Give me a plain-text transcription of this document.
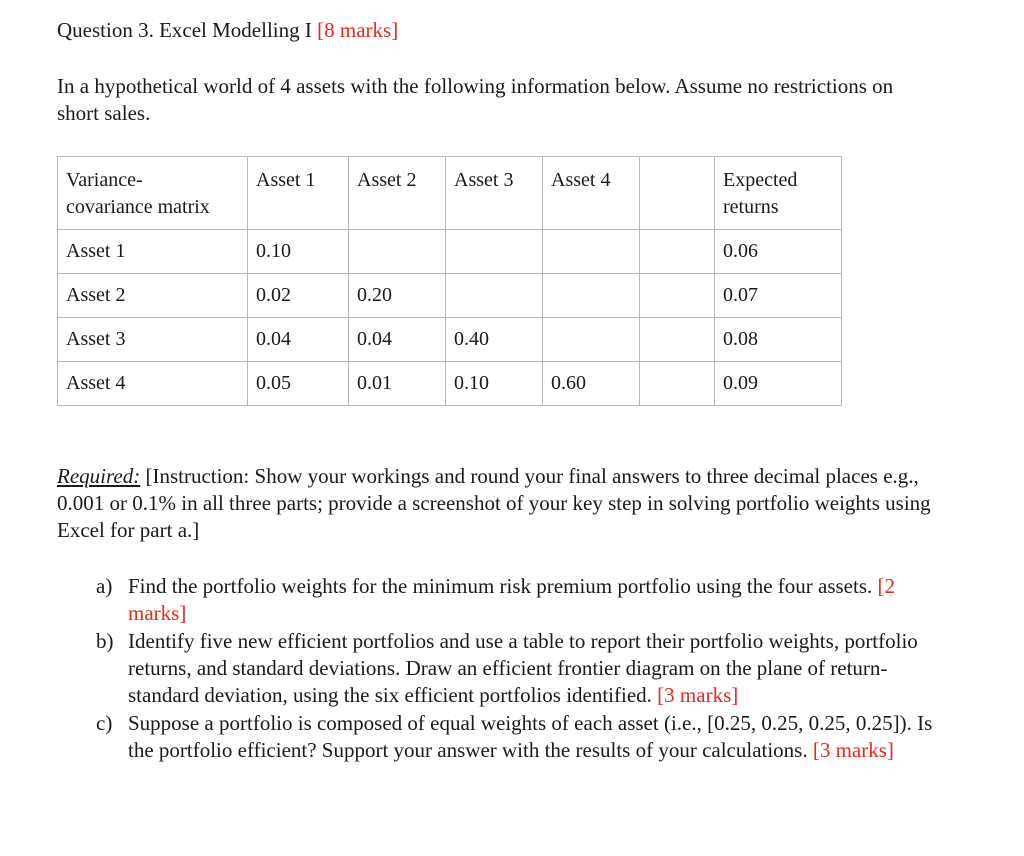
Question 3. Excel Modelling I [8 marks]
In a hypothetical world of 4 assets with the following information below. Assume no restrictions on short sales.
Variance-
covariance matrix	Asset 1	Asset 2	Asset 3	Asset 4		Expected
returns
Asset 1	0.10					0.06
Asset 2	0.02	0.20				0.07
Asset 3	0.04	0.04	0.40			0.08
Asset 4	0.05	0.01	0.10	0.60		0.09
Required: [Instruction: Show your workings and round your final answers to three decimal places e.g., 0.001 or 0.1% in all three parts; provide a screenshot of your key step in solving portfolio weights using Excel for part a.]
a) Find the portfolio weights for the minimum risk premium portfolio using the four assets. [2 marks]
b) Identify five new efficient portfolios and use a table to report their portfolio weights, portfolio returns, and standard deviations. Draw an efficient frontier diagram on the plane of return-standard deviation, using the six efficient portfolios identified. [3 marks]
c) Suppose a portfolio is composed of equal weights of each asset (i.e., [0.25, 0.25, 0.25, 0.25]). Is the portfolio efficient? Support your answer with the results of your calculations. [3 marks]
